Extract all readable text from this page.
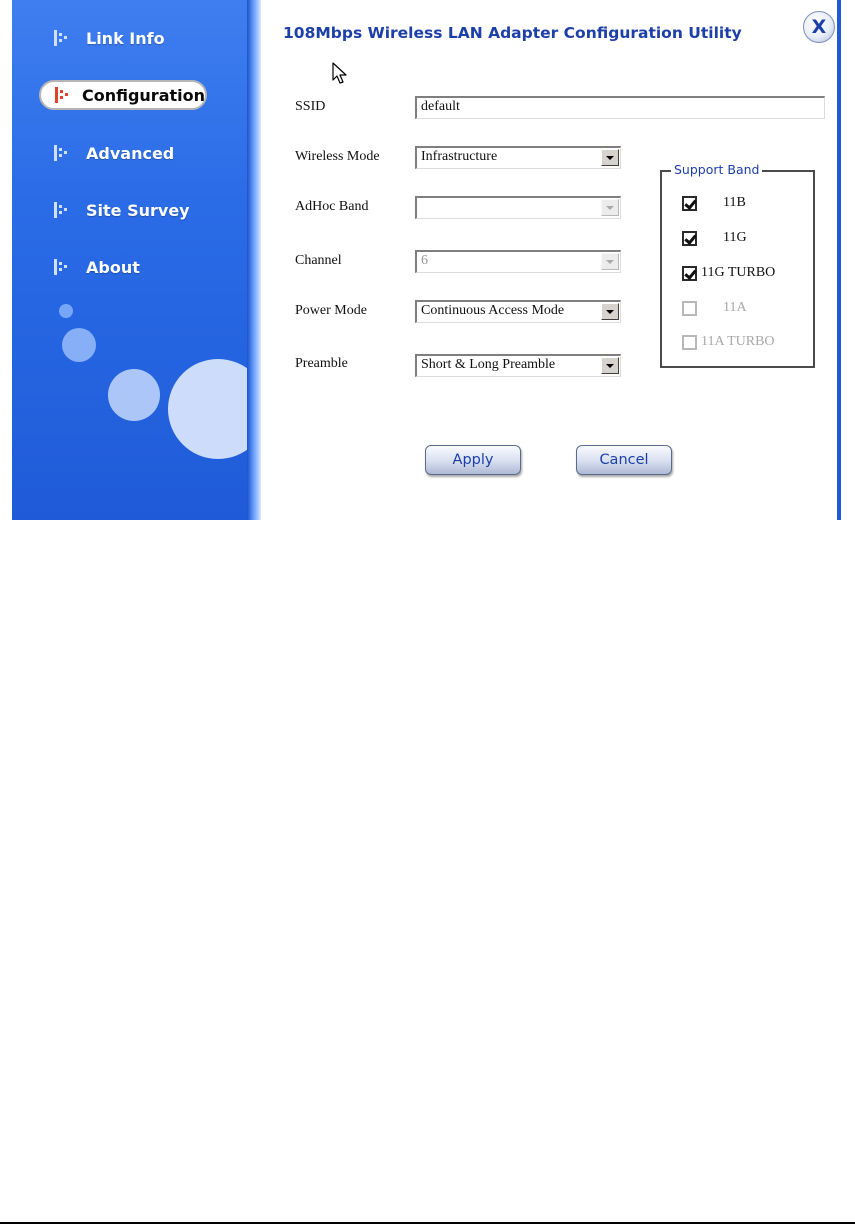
Link Info
Configuration
Advanced
Site Survey
About
108Mbps Wireless LAN Adapter Configuration Utility	X
SSID	default
Wireless Mode	Infrastructure
AdHoc Band
Channel	6
Power Mode	Continuous Access Mode
Preamble	Short & Long Preamble
Support Band
11B
11G
11G TURBO
11A
11A TURBO
Apply	Cancel
